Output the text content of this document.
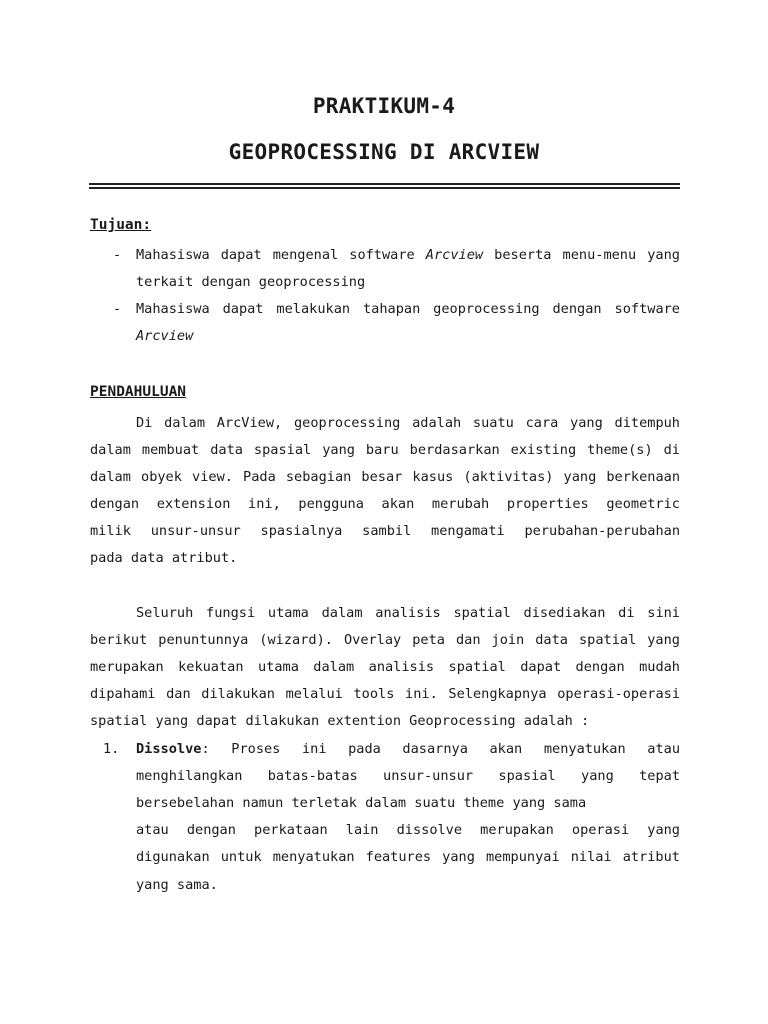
PRAKTIKUM-4
GEOPROCESSING DI ARCVIEW
Tujuan:
- Mahasiswa dapat mengenal software Arcview beserta menu-menu yang
terkait dengan geoprocessing
- Mahasiswa dapat melakukan tahapan geoprocessing dengan software
Arcview
PENDAHULUAN
Di dalam ArcView, geoprocessing adalah suatu cara yang ditempuh
dalam membuat data spasial yang baru berdasarkan existing theme(s) di
dalam obyek view. Pada sebagian besar kasus (aktivitas) yang berkenaan
dengan extension ini, pengguna akan merubah properties geometric
milik unsur-unsur spasialnya sambil mengamati perubahan-perubahan
pada data atribut.
Seluruh fungsi utama dalam analisis spatial disediakan di sini
berikut penuntunnya (wizard). Overlay peta dan join data spatial yang
merupakan kekuatan utama dalam analisis spatial dapat dengan mudah
dipahami dan dilakukan melalui tools ini. Selengkapnya operasi-operasi
spatial yang dapat dilakukan extention Geoprocessing adalah :
1. Dissolve: Proses ini pada dasarnya akan menyatukan atau
menghilangkan batas-batas unsur-unsur spasial yang tepat
bersebelahan namun terletak dalam suatu theme yang sama
atau dengan perkataan lain dissolve merupakan operasi yang
digunakan untuk menyatukan features yang mempunyai nilai atribut
yang sama.
